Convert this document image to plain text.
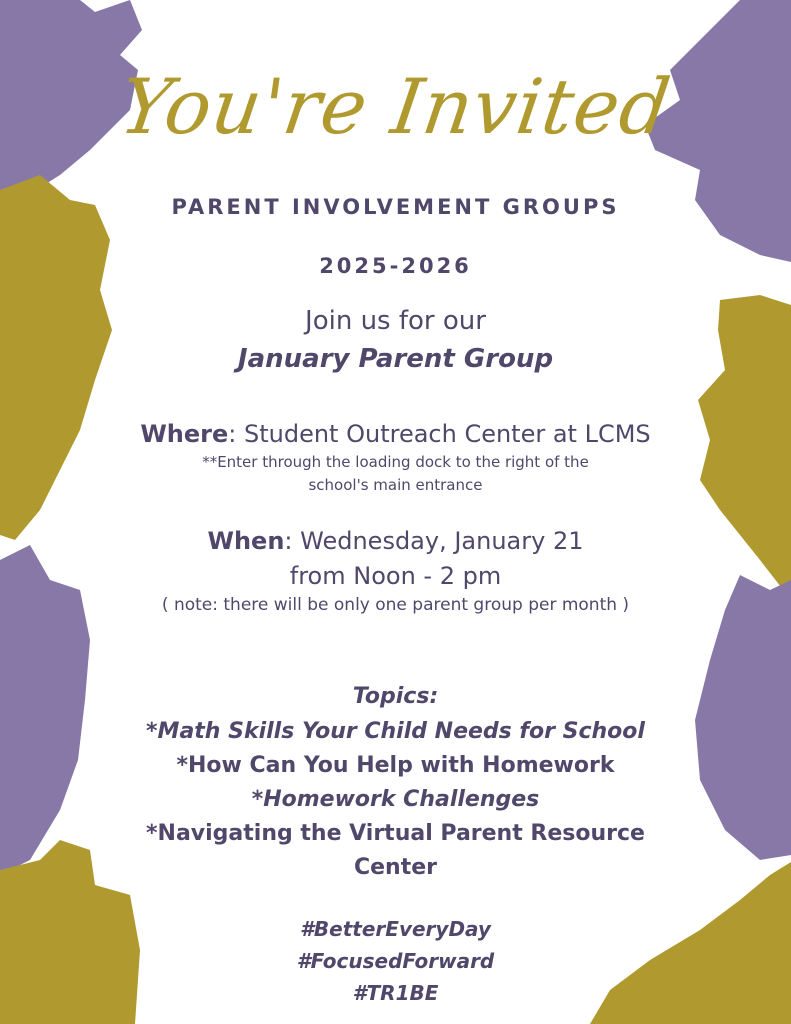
You're Invited
PARENT INVOLVEMENT GROUPS
2025-2026
Join us for our
January Parent Group
Where: Student Outreach Center at LCMS
**Enter through the loading dock to the right of the
school's main entrance
When: Wednesday, January 21
from Noon - 2 pm
( note: there will be only one parent group per month )
Topics:
*Math Skills Your Child Needs for School
*How Can You Help with Homework
*Homework Challenges
*Navigating the Virtual Parent Resource
Center
#BetterEveryDay
#FocusedForward
#TR1BE
